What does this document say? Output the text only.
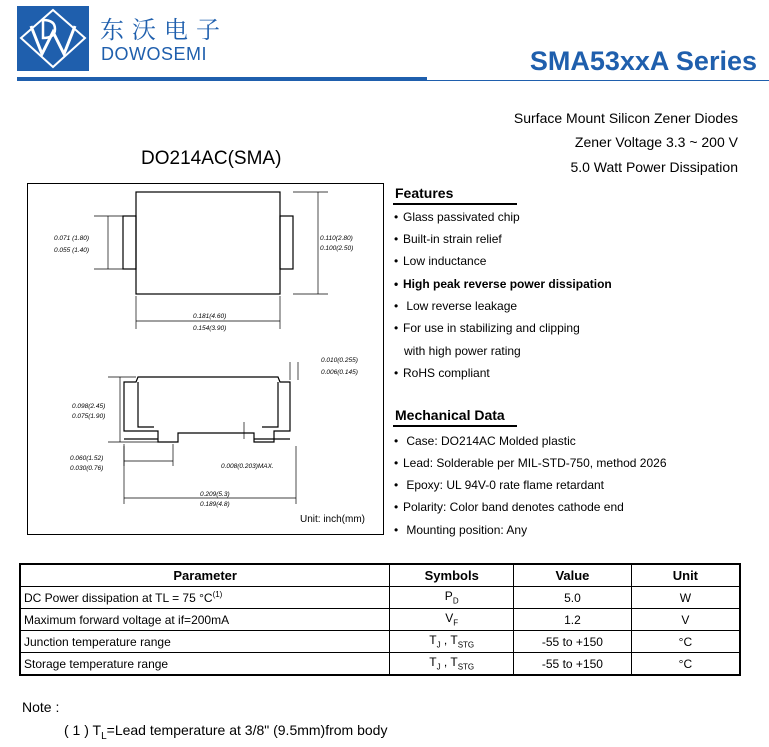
东沃电子
DOWOSEMI	SMA53xxA Series
Surface Mount Silicon Zener Diodes
Zener Voltage 3.3 ~ 200 V
5.0 Watt Power Dissipation
DO214AC(SMA)
0.071 (1.80)
0.055 (1.40)
0.110(2.80)
0.100(2.50)
0.181(4.60)
0.154(3.90)
0.010(0.255)
0.006(0.145)
0.098(2.45)
0.075(1.90)
0.060(1.52)
0.030(0.76)	0.008(0.203)MAX.
0.209(5.3)
0.189(4.8)
Unit: inch(mm)
Features
• Glass passivated chip
• Built-in strain relief
• Low inductance
• High peak reverse power dissipation
• Low reverse leakage
• For use in stabilizing and clipping
with high power rating
• RoHS compliant
Mechanical Data
• Case: DO214AC Molded plastic
• Lead: Solderable per MIL-STD-750, method 2026
• Epoxy: UL 94V-0 rate flame retardant
• Polarity: Color band denotes cathode end
• Mounting position: Any
Parameter	Symbols	Value	Unit
DC Power dissipation at TL = 75 $^\circ C^{(1)}$	$P_D$	5.0	W
Maximum forward voltage at if=200mA	$V_F$	1.2	V
Junction temperature range	$T_J$ , $T_{STG}$	-55 to +150	°C
Storage temperature range	$T_J$ , $T_{STG}$	-55 to +150	°C
Note :
( 1 ) $T_L=Lead$ temperature at 3/8" (9.5mm)from body
